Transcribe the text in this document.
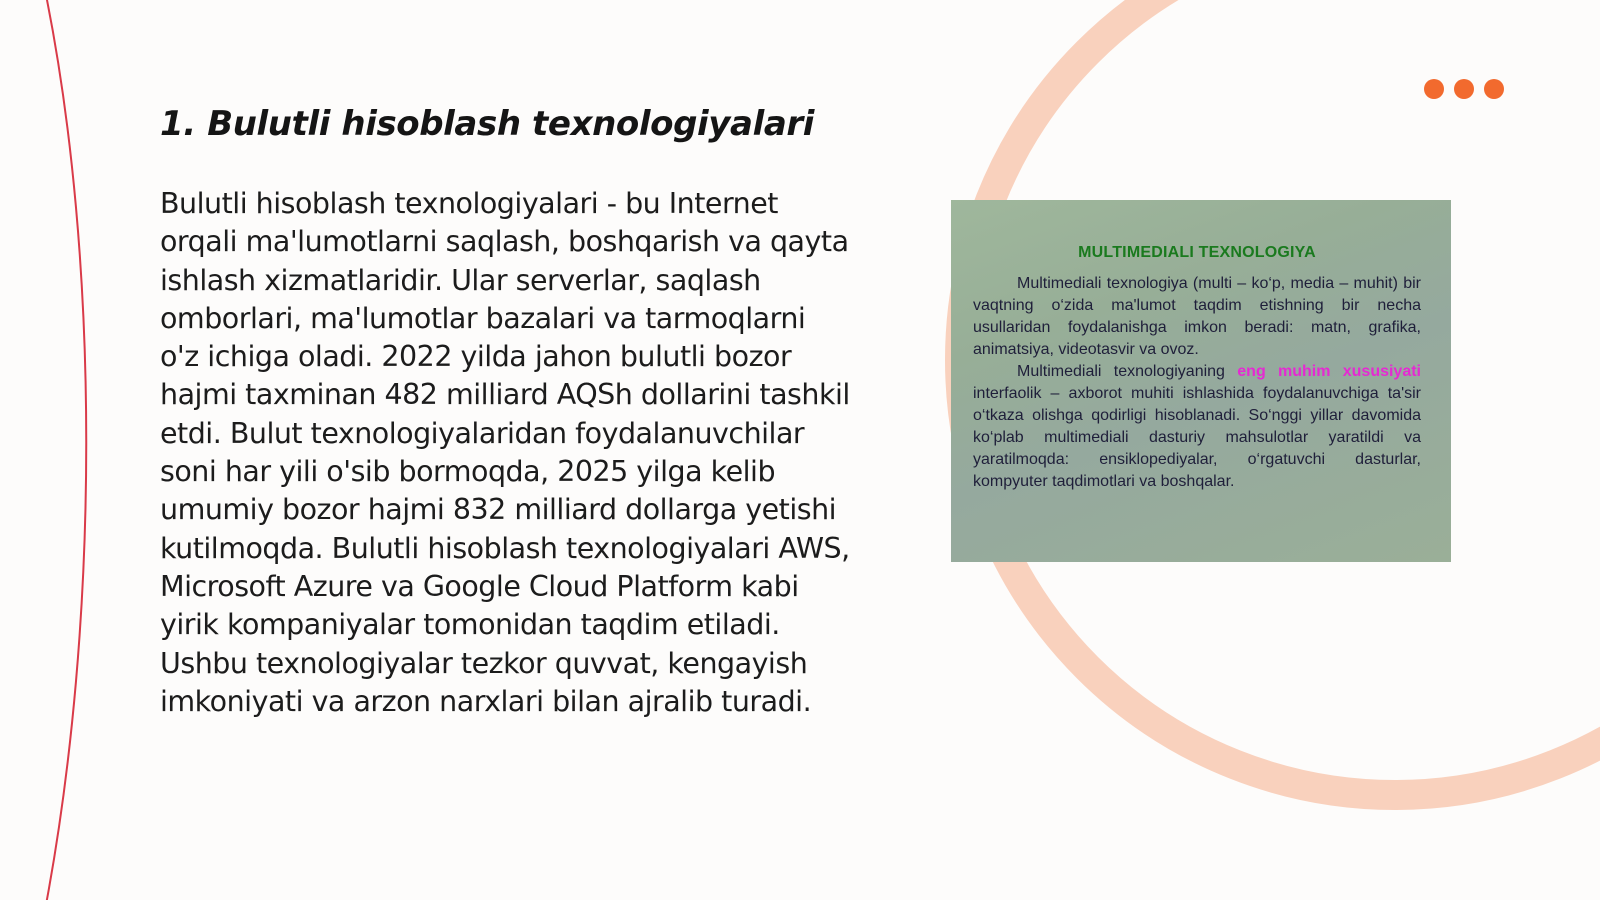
1. Bulutli hisoblash texnologiyalari

Bulutli hisoblash texnologiyalari - bu Internet orqali ma'lumotlarni saqlash, boshqarish va qayta ishlash xizmatlaridir. Ular serverlar, saqlash omborlari, ma'lumotlar bazalari va tarmoqlarni o'z ichiga oladi. 2022 yilda jahon bulutli bozor hajmi taxminan 482 milliard AQSh dollarini tashkil etdi. Bulut texnologiyalaridan foydalanuvchilar soni har yili o'sib bormoqda, 2025 yilga kelib umumiy bozor hajmi 832 milliard dollarga yetishi kutilmoqda. Bulutli hisoblash texnologiyalari AWS, Microsoft Azure va Google Cloud Platform kabi yirik kompaniyalar tomonidan taqdim etiladi. Ushbu texnologiyalar tezkor quvvat, kengayish imkoniyati va arzon narxlari bilan ajralib turadi.

MULTIMEDIALI TEXNOLOGIYA

Multimediali texnologiya (multi – ko‘p, media – muhit) bir vaqtning o‘zida ma'lumot taqdim etishning bir necha usullaridan foydalanishga imkon beradi: matn, grafika, animatsiya, videotasvir va ovoz.

Multimediali texnologiyaning eng muhim xususiyati interfaolik – axborot muhiti ishlashida foydalanuvchiga ta'sir o‘tkaza olishga qodirligi hisoblanadi. So‘nggi yillar davomida ko‘plab multimediali dasturiy mahsulotlar yaratildi va yaratilmoqda: ensiklopediyalar, o‘rgatuvchi dasturlar, kompyuter taqdimotlari va boshqalar.
